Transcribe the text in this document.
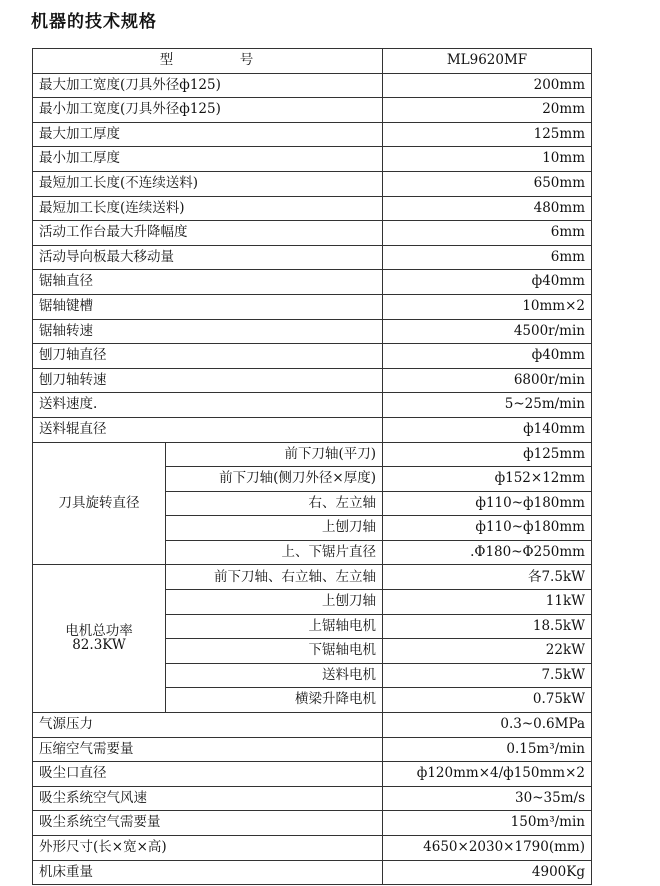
机器的技术规格
型 号		ML9620MF
最大加工宽度(刀具外径ф125)		200mm
最小加工宽度(刀具外径ф125)		20mm
最大加工厚度		125mm
最小加工厚度		10mm
最短加工长度(不连续送料)		650mm
最短加工长度(连续送料)		480mm
活动工作台最大升降幅度		6mm
活动导向板最大移动量		6mm
锯轴直径		ф40mm
锯轴键槽		10mm×2
锯轴转速		4500r/min
刨刀轴直径		ф40mm
刨刀轴转速		6800r/min
送料速度.		5~25m/min
送料辊直径		ф140mm
刀具旋转直径	前下刀轴(平刀)	ф125mm
	前下刀轴(侧刀外径×厚度)	ф152×12mm
	右、左立轴	ф110~ф180mm
	上刨刀轴	ф110~ф180mm
	上、下锯片直径	.Φ180~Φ250mm

电机总功率
82.3KW	前下刀轴、右立轴、左立轴	各7.5kW
	上刨刀轴	11kW
	上锯轴电机	18.5kW
	下锯轴电机	22kW
	送料电机	7.5kW
	横梁升降电机	0.75kW
气源压力		0.3~0.6MPa
压缩空气需要量		0.15m³/min
吸尘口直径		ф120mm×4/ф150mm×2
吸尘系统空气风速		30~35m/s
吸尘系统空气需要量		150m³/min
外形尺寸(长×宽×高)		4650×2030×1790(mm)
机床重量		4900Kg
